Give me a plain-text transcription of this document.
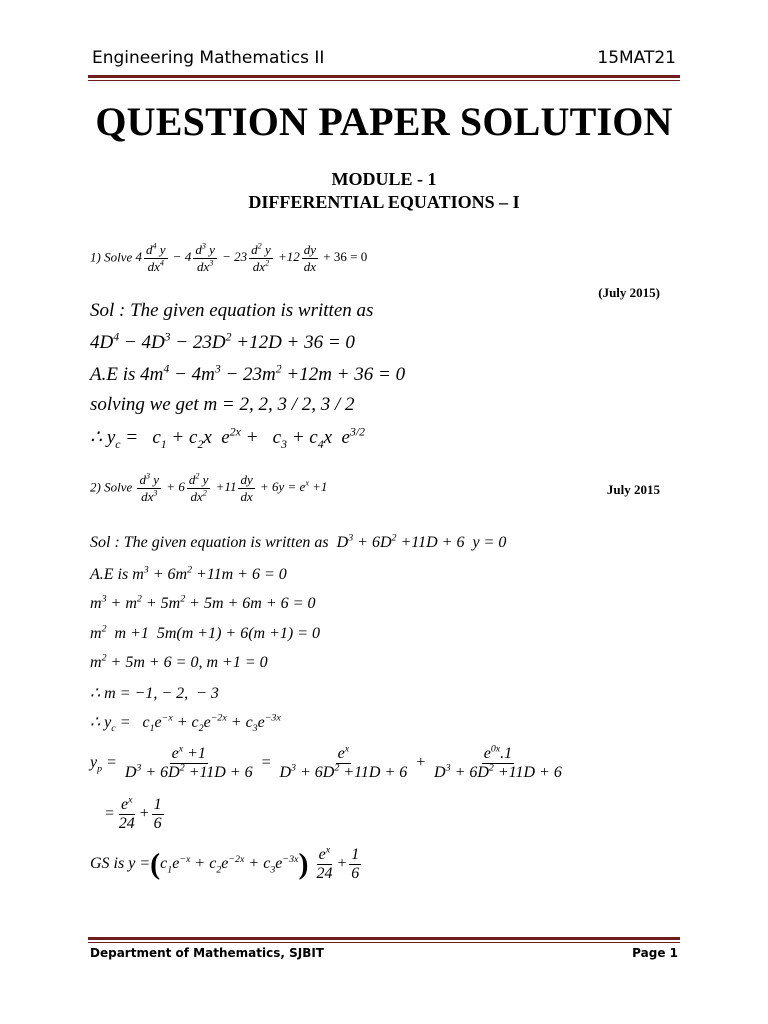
Engineering Mathematics II	15MAT21
QUESTION PAPER SOLUTION
MODULE - 1
DIFFERENTIAL EQUATIONS – I
1) Solve $4 \frac{d^4 y}{dx^4} - 4 \frac{d^3 y}{dx^3} - 23 \frac{d^2 y}{dx^2} +12 \frac{dy}{dx} + 36 = 0$
(July 2015)
Sol : The given equation is written as
$4D^4 - 4D^3 - 23D^2 +12D + 36 = 0$
A.E is $4m^4 - 4m^3 - 23m^2 +12m + 36 = 0$
solving we get m = 2, 2, 3 / 2, 3 / 2
∴ $y_c = c_1 + c_2x$  $e^{2x} + c_3 + c_4x$  $e^{3/2}$
2) Solve $\frac{d^3 y}{dx^3} + 6 \frac{d^2 y}{dx^2} +11 \frac{dy}{dx} + 6y = e^x +1$	July 2015
Sol : The given equation is written as  $D^3 + 6D^2 +11D + 6$  y = 0
A.E is $m^3 + 6m^2 +11m + 6 = 0$
$m^3 + m^2 + 5m^2 + 5m + 6m + 6 = 0$
$m^2$  m +1  5m(m +1) + 6(m +1) = 0
$m^2 + 5m + 6 = 0$, m +1 = 0
∴ m = −1, − 2,  − 3
∴ $y_c = c_1e^{-x} + c_2e^{-2x} + c_3e^{-3x}$
$y_p = \frac{e^x +1}{D^3 + 6D^2 +11D + 6} = \frac{e^x}{D^3 + 6D^2 +11D + 6} + \frac{e^{0x}.1}{D^3 + 6D^2 +11D + 6}$
= $\frac{e^x}{24} + \frac{1}{6}$
GS is $y =(c_1e^{-x} + c_2e^{-2x} + c_3e^{-3x}) \frac{e^x}{24} + \frac{1}{6}$
Department of Mathematics, SJBIT	Page 1
